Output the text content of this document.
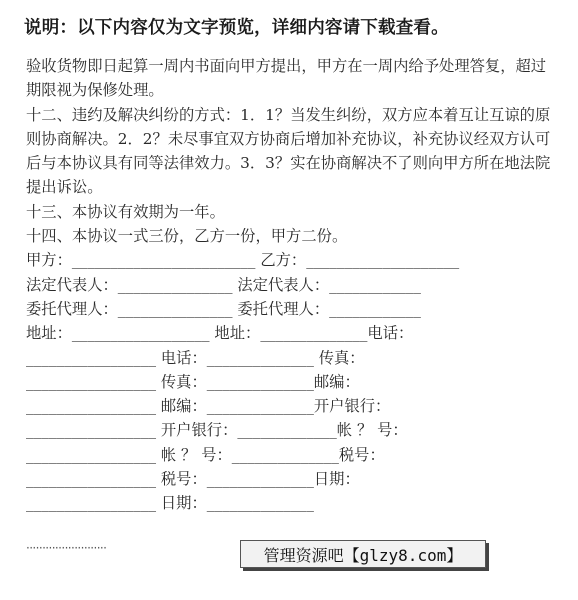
说明：以下内容仅为文字预览，详细内容请下载查看。

验收货物即日起算一周内书面向甲方提出，甲方在一周内给予处理答复，超过期限视为保修处理。

十二、违约及解决纠纷的方式：1．1？当发生纠纷，双方应本着互让互谅的原则协商解决。2．2？未尽事宜双方协商后增加补充协议，补充协议经双方认可后与本协议具有同等法律效力。3．3？实在协商解决不了则向甲方所在地法院提出诉讼。

十三、本协议有效期为一年。

十四、本协议一式三份，乙方一份，甲方二份。

甲方：________________________ 乙方：____________________

法定代表人：_______________ 法定代表人：____________

委托代理人：_______________ 委托代理人：____________

地址：__________________ 地址：______________电话：

_________________ 电话：______________ 传真：

_________________ 传真：______________邮编：

_________________ 邮编：______________开户银行：

_________________ 开户银行：_____________帐 ？ 号：

_________________ 帐 ？ 号：______________税号：

_________________ 税号：______________日期：

_________________ 日期：______________

·························	管理资源吧【glzy8.com】
